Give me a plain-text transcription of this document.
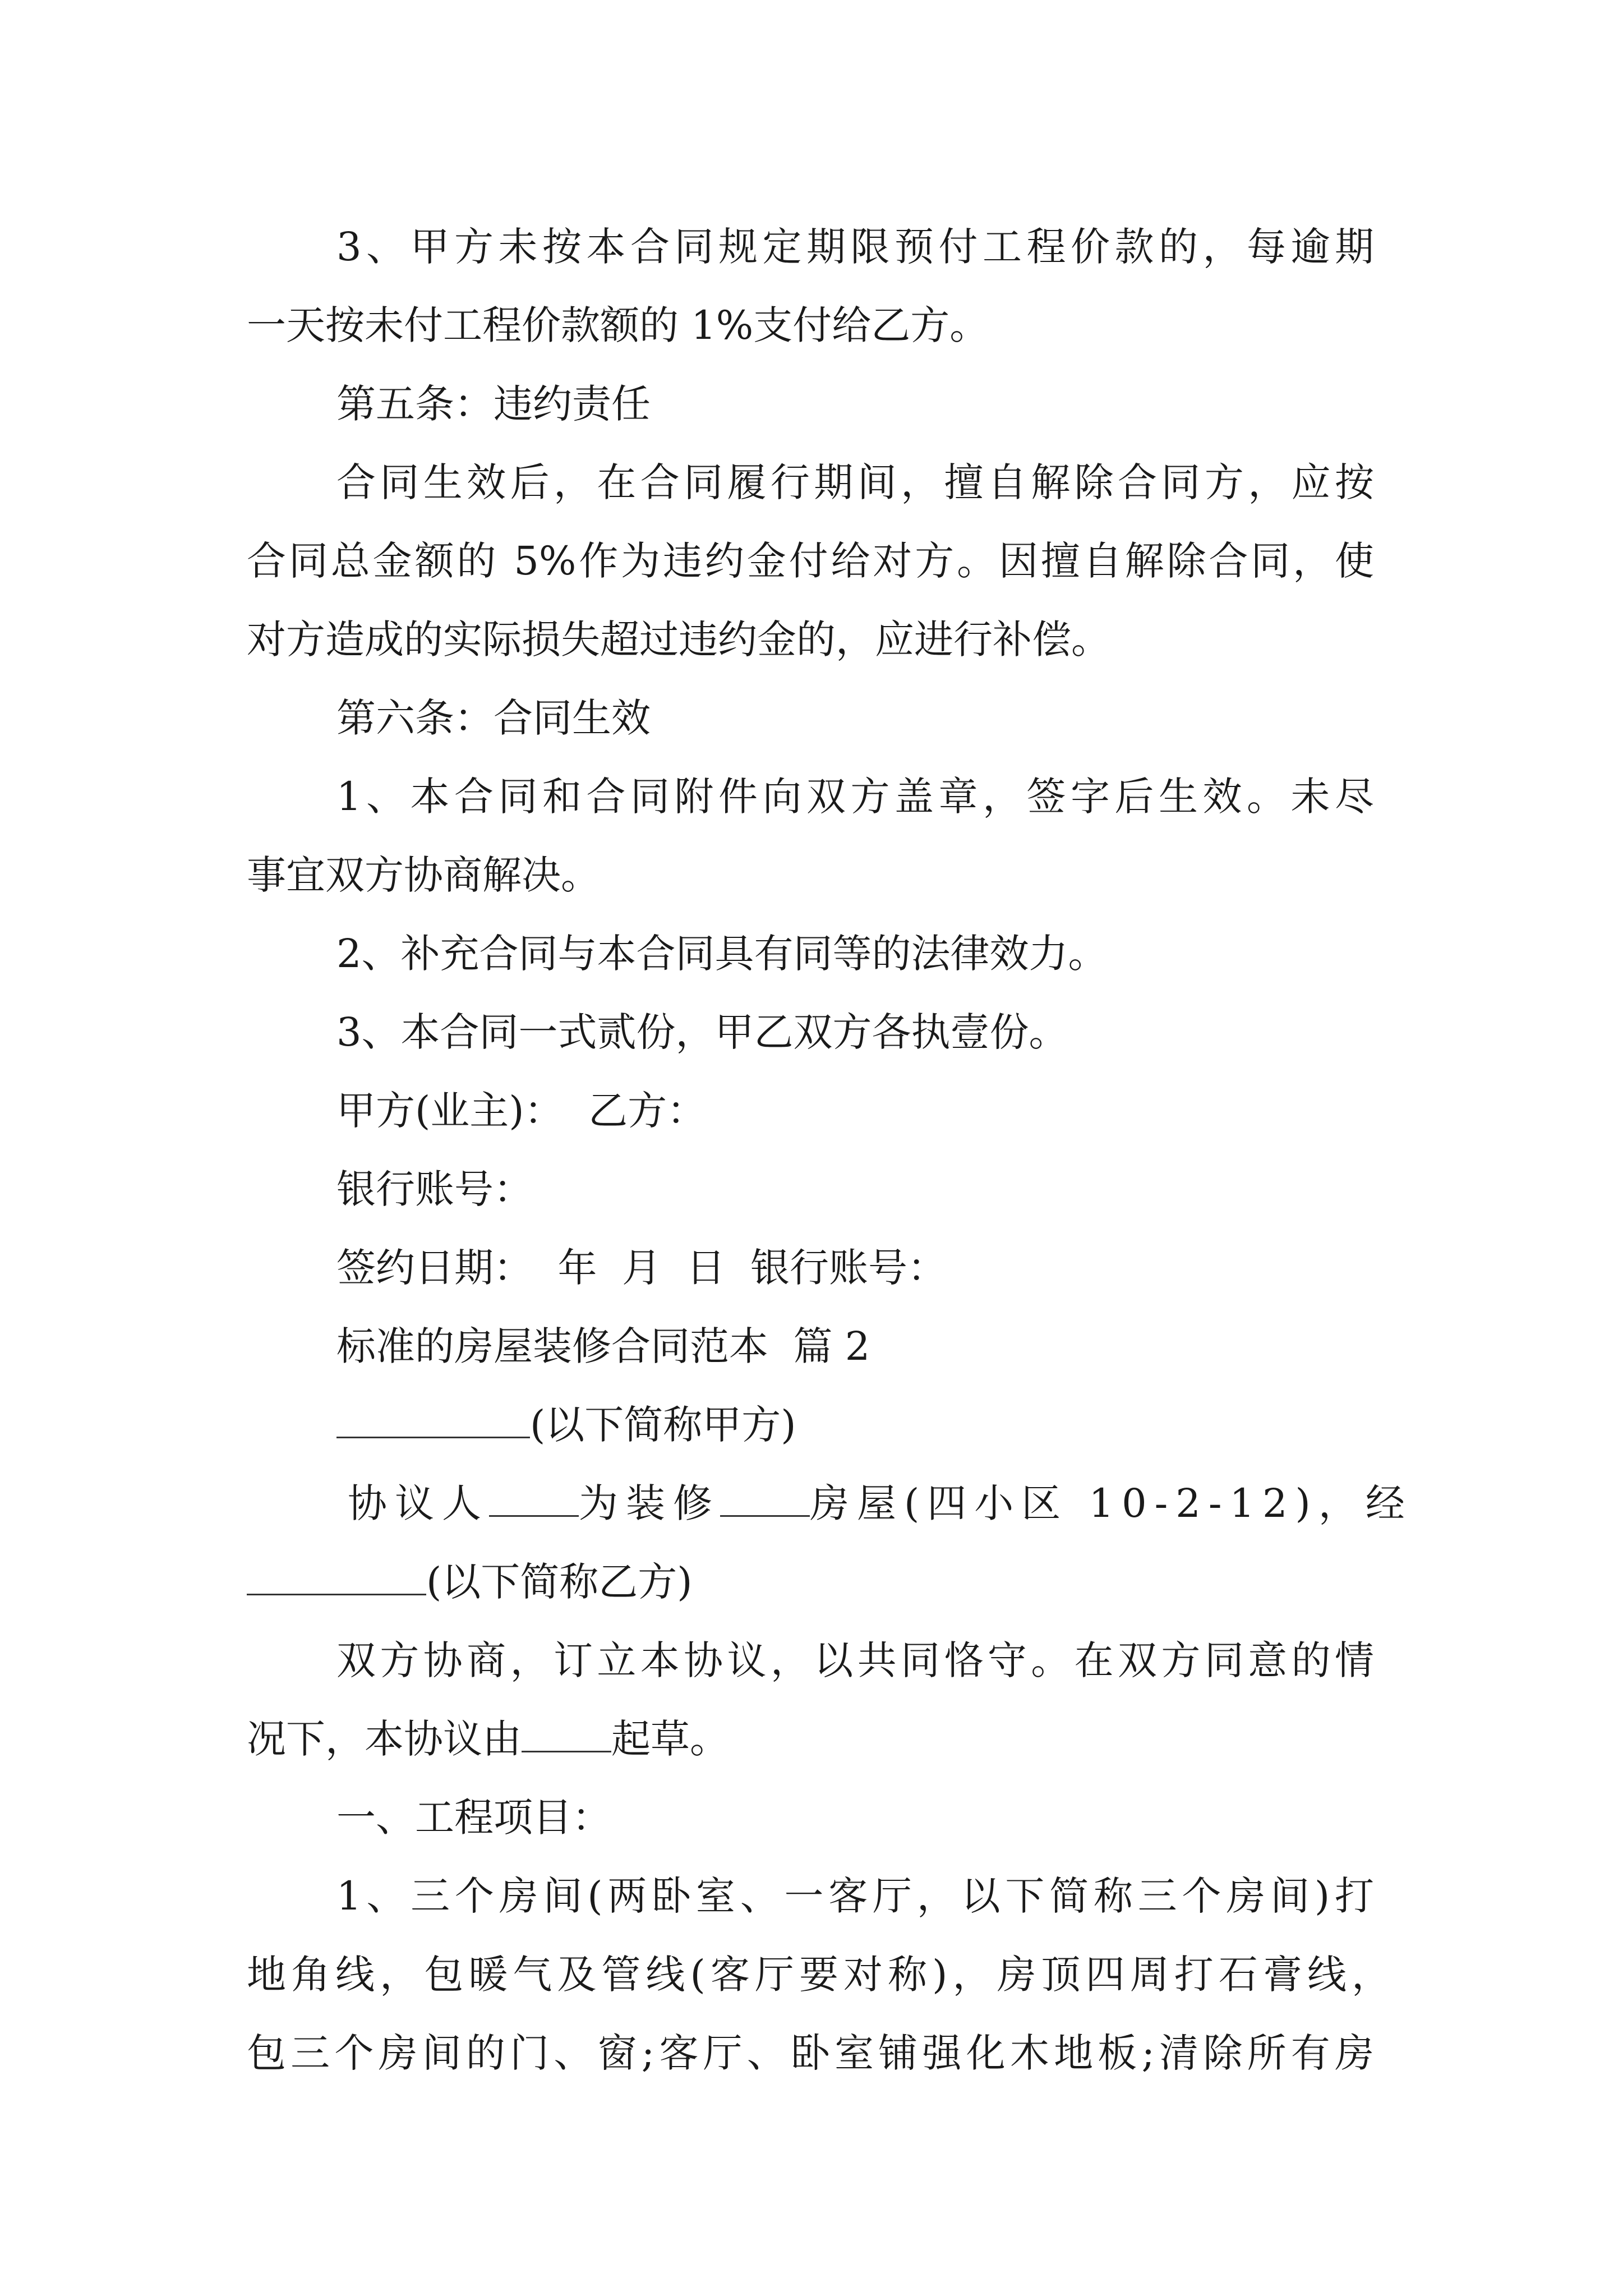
3、甲方未按本合同规定期限预付工程价款的，每逾期
一天按未付工程价款额的 1%支付给乙方。
第五条：违约责任
合同生效后，在合同履行期间，擅自解除合同方，应按
合同总金额的 5%作为违约金付给对方。因擅自解除合同，使
对方造成的实际损失超过违约金的，应进行补偿。
第六条：合同生效
1、本合同和合同附件向双方盖章，签字后生效。未尽
事宜双方协商解决。
2、补充合同与本合同具有同等的法律效力。
3、本合同一式贰份，甲乙双方各执壹份。
甲方(业主)：  乙方：
银行账号：
签约日期：  年  月  日  银行账号：
标准的房屋装修合同范本  篇 2
(以下简称甲方)
协议人 为装修 房屋(四小区 10-2-12)，经
(以下简称乙方)
双方协商，订立本协议，以共同恪守。在双方同意的情
况下，本协议由 起草。
一、工程项目：
1、三个房间(两卧室、一客厅，以下简称三个房间)打
地角线，包暖气及管线(客厅要对称)，房顶四周打石膏线，
包三个房间的门、窗;客厅、卧室铺强化木地板;清除所有房
